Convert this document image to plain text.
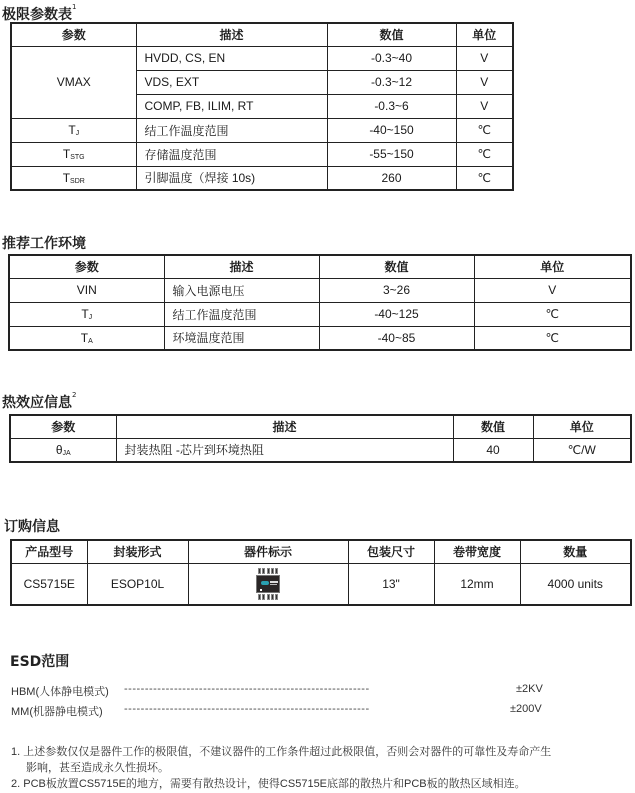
极限参数表$^1$
参数	描述	数值	单位
VMAX	HVDD, CS, EN	-0.3~40	V
	VDS, EXT	-0.3~12	V
	COMP, FB, ILIM, RT	-0.3~6	V
$T_J$	结工作温度范围	-40~150	℃
$T_{STG}$	存储温度范围	-55~150	℃
$T_{SDR}$	引脚温度（焊接 10s)	260	℃
推荐工作环境
参数	描述	数值	单位
VIN	输入电源电压	3~26	V
$T_J$	结工作温度范围	-40~125	℃
$T_A$	环境温度范围	-40~85	℃
热效应信息$^2$
参数	描述	数值	单位
$\theta_{JA}$	封装热阻 -芯片到环境热阻	40	℃/W
订购信息
产品型号	封装形式	器件标示	包装尺寸	卷带宽度	数量
CS5715E	ESOP10L		13"	12mm	4000 units
ESD范围
HBM(人体静电模式) -----------------------------------------------------------	±2KV
MM(机器静电模式) -----------------------------------------------------------	±200V
1. 上述参数仅仅是器件工作的极限值，不建议器件的工作条件超过此极限值，否则会对器件的可靠性及寿命产生
影响，甚至造成永久性损坏。
2. PCB板放置CS5715E的地方，需要有散热设计，使得CS5715E底部的散热片和PCB板的散热区域相连。
